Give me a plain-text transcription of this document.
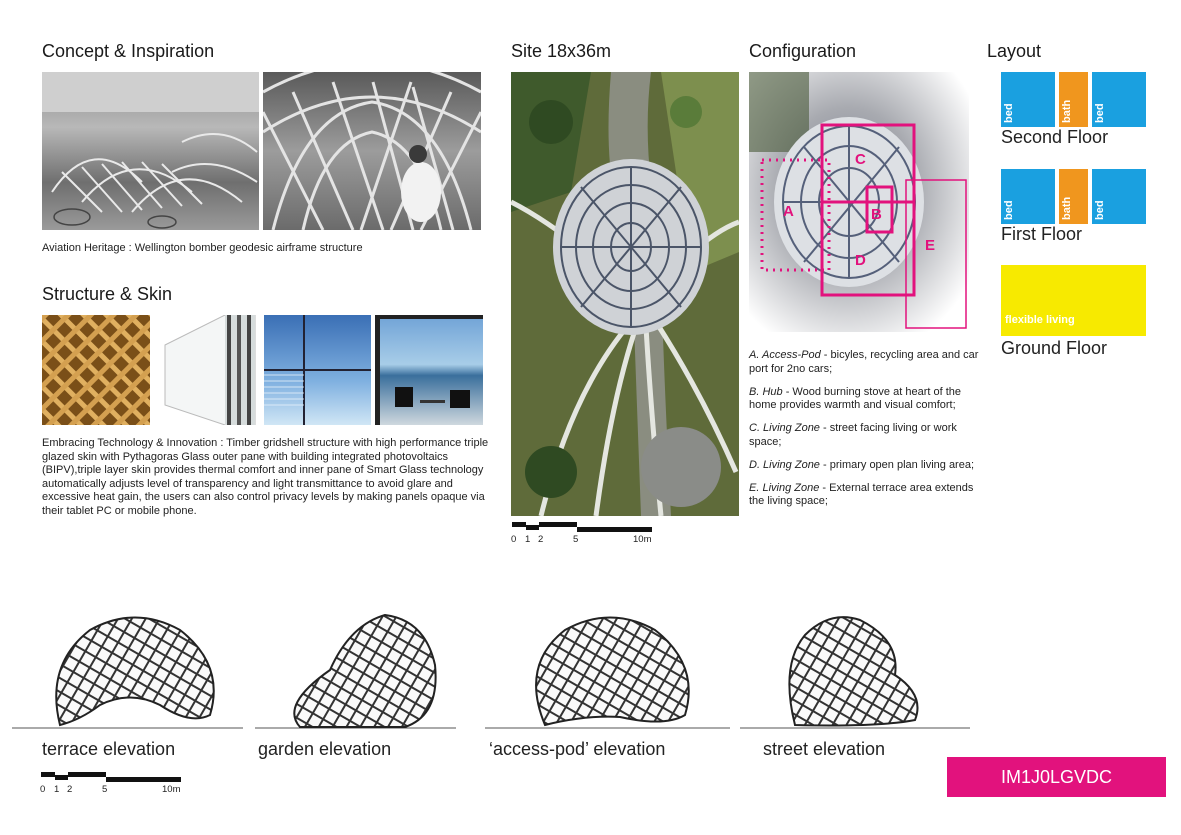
Concept & Inspiration
Aviation Heritage : Wellington bomber geodesic airframe structure
Structure & Skin
Embracing Technology & Innovation : Timber gridshell structure with high performance triple glazed skin with Pythagoras Glass outer pane with building integrated photovoltaics (BIPV),triple layer skin provides thermal comfort and inner pane of Smart Glass technology automatically adjusts level of transparency and light transmittance to avoid glare and excessive heat gain, the users can also control privacy levels by making panels opaque via their tablet PC or mobile phone.
Site 18x36m
0 1 2	5	10m
Configuration
A	B
C
D
E
A. Access-Pod - bicyles, recycling area and car port for 2no cars;
B. Hub - Wood burning stove at heart of the home provides warmth and visual comfort;
C. Living Zone - street facing living or work space;
D. Living Zone - primary open plan living area;
E. Living Zone - External terrace area extends the living space;
Layout
bed	bath bed
Second Floor
bed	bath bed
First Floor
flexible living
Ground Floor
terrace elevation	garden elevation	‘access-pod’ elevation	street elevation
0 1 2	5	10m
IM1J0LGVDC
